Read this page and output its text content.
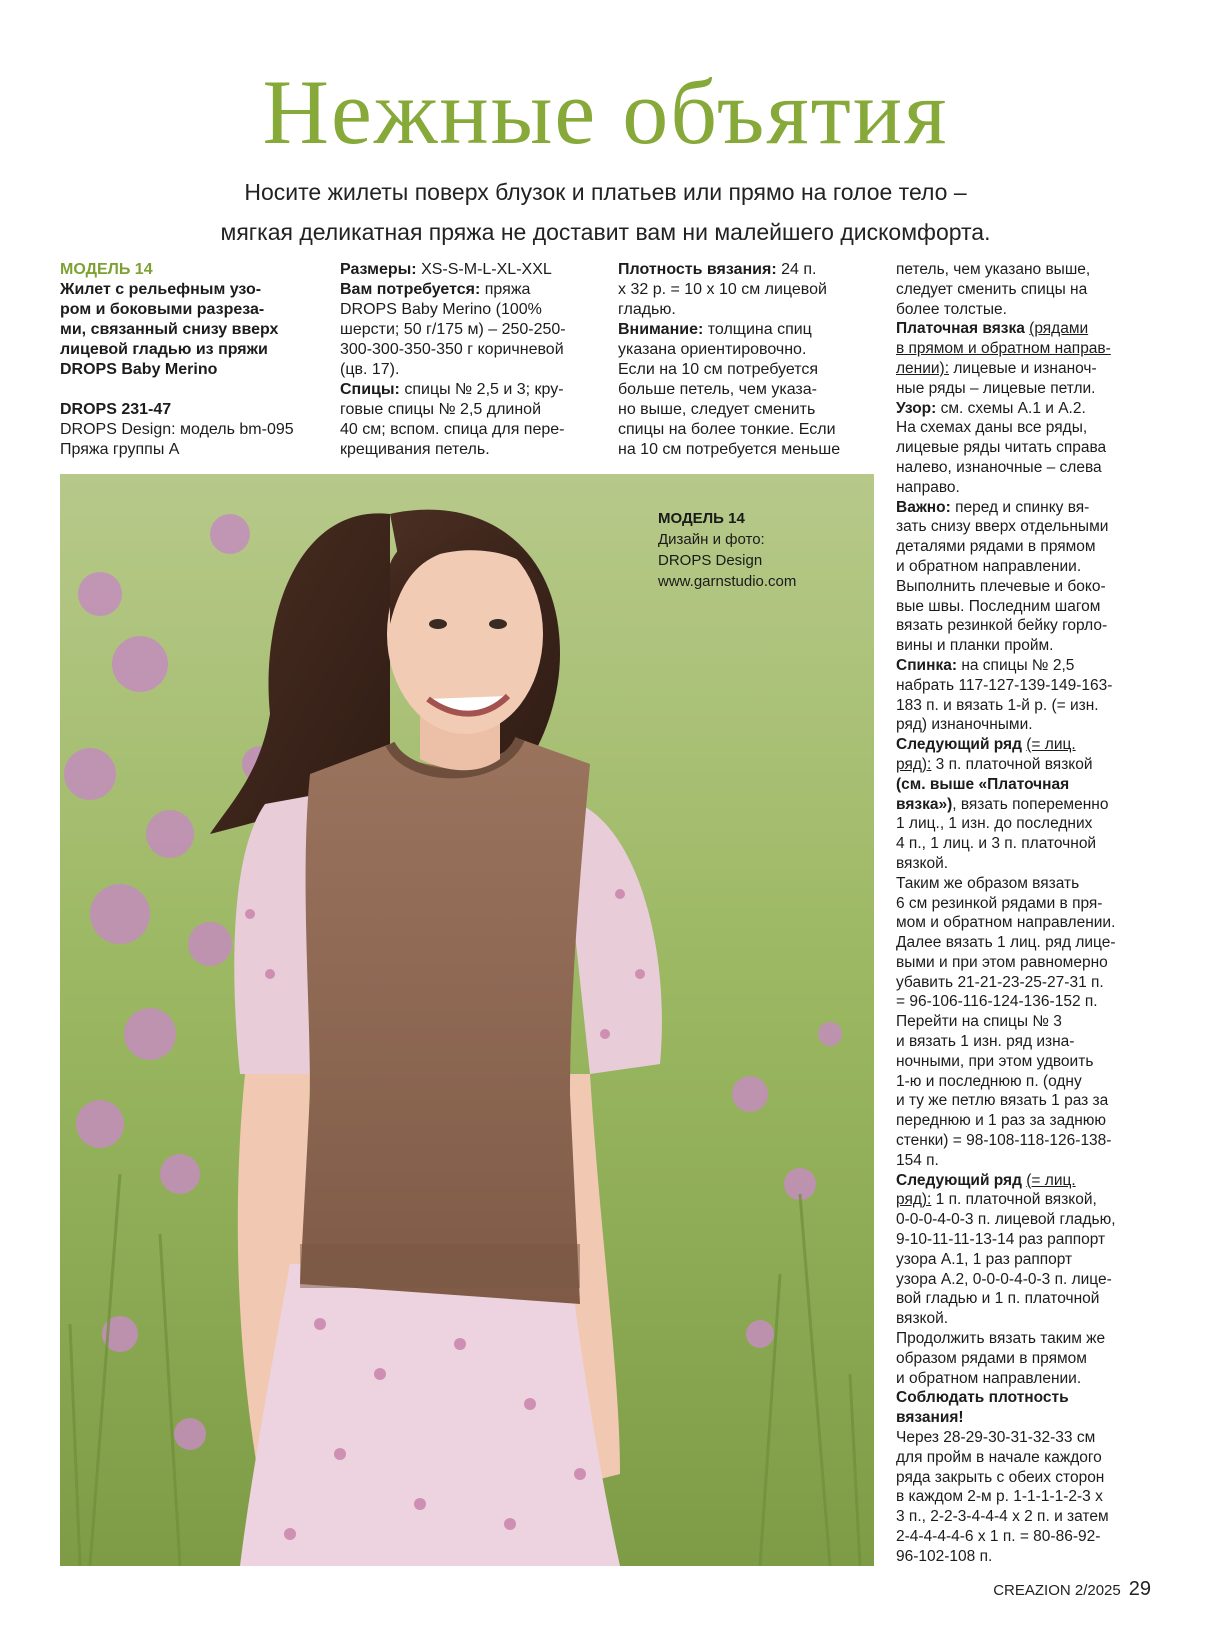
Нежные объятия
Носите жилеты поверх блузок и платьев или прямо на голое тело –
мягкая деликатная пряжа не доставит вам ни малейшего дискомфорта.
МОДЕЛЬ 14
Жилет с рельефным узо-
ром и боковыми разреза-
ми, связанный снизу вверх
лицевой гладью из пряжи
DROPS Baby Merino
DROPS 231-47
DROPS Design: модель bm-095
Пряжа группы A
Размеры: XS-S-M-L-XL-XXL
Вам потребуется: пряжа
DROPS Baby Merino (100%
шерсти; 50 г/175 м) – 250-250-
300-300-350-350 г коричневой
(цв. 17).
Спицы: спицы № 2,5 и 3; кру-
говые спицы № 2,5 длиной
40 см; вспом. спица для пере-
крещивания петель.
Плотность вязания: 24 п.
х 32 р. = 10 х 10 см лицевой
гладью.
Внимание: толщина спиц
указана ориентировочно.
Если на 10 см потребуется
больше петель, чем указа-
но выше, следует сменить
спицы на более тонкие. Если
на 10 см потребуется меньше
петель, чем указано выше,
следует сменить спицы на
более толстые.
Платочная вязка (рядами
в прямом и обратном направ-
лении): лицевые и изнаноч-
ные ряды – лицевые петли.
Узор: см. схемы A.1 и A.2.
На схемах даны все ряды,
лицевые ряды читать справа
налево, изнаночные – слева
направо.
Важно: перед и спинку вя-
зать снизу вверх отдельными
деталями рядами в прямом
и обратном направлении.
Выполнить плечевые и боко-
вые швы. Последним шагом
вязать резинкой бейку горло-
вины и планки пройм.
Спинка: на спицы № 2,5
набрать 117-127-139-149-163-
183 п. и вязать 1-й р. (= изн.
ряд) изнаночными.
Следующий ряд (= лиц.
ряд): 3 п. платочной вязкой
(см. выше «Платочная
вязка»), вязать попеременно
1 лиц., 1 изн. до последних
4 п., 1 лиц. и 3 п. платочной
вязкой.
Таким же образом вязать
6 см резинкой рядами в пря-
мом и обратном направлении.
Далее вязать 1 лиц. ряд лице-
выми и при этом равномерно
убавить 21-21-23-25-27-31 п.
= 96-106-116-124-136-152 п.
Перейти на спицы № 3
и вязать 1 изн. ряд изна-
ночными, при этом удвоить
1-ю и последнюю п. (одну
и ту же петлю вязать 1 раз за
переднюю и 1 раз за заднюю
стенки) = 98-108-118-126-138-
154 п.
Следующий ряд (= лиц.
ряд): 1 п. платочной вязкой,
0-0-0-4-0-3 п. лицевой гладью,
9-10-11-11-13-14 раз раппорт
узора A.1, 1 раз раппорт
узора A.2, 0-0-0-4-0-3 п. лице-
вой гладью и 1 п. платочной
вязкой.
Продолжить вязать таким же
образом рядами в прямом
и обратном направлении.
Соблюдать плотность
вязания!
Через 28-29-30-31-32-33 см
для пройм в начале каждого
ряда закрыть с обеих сторон
в каждом 2-м р. 1-1-1-1-2-3 х
3 п., 2-2-3-4-4-4 х 2 п. и затем
2-4-4-4-4-6 х 1 п. = 80-86-92-
96-102-108 п.
МОДЕЛЬ 14
Дизайн и фото:
DROPS Design
www.garnstudio.com
CREAZION 2/2025 29
